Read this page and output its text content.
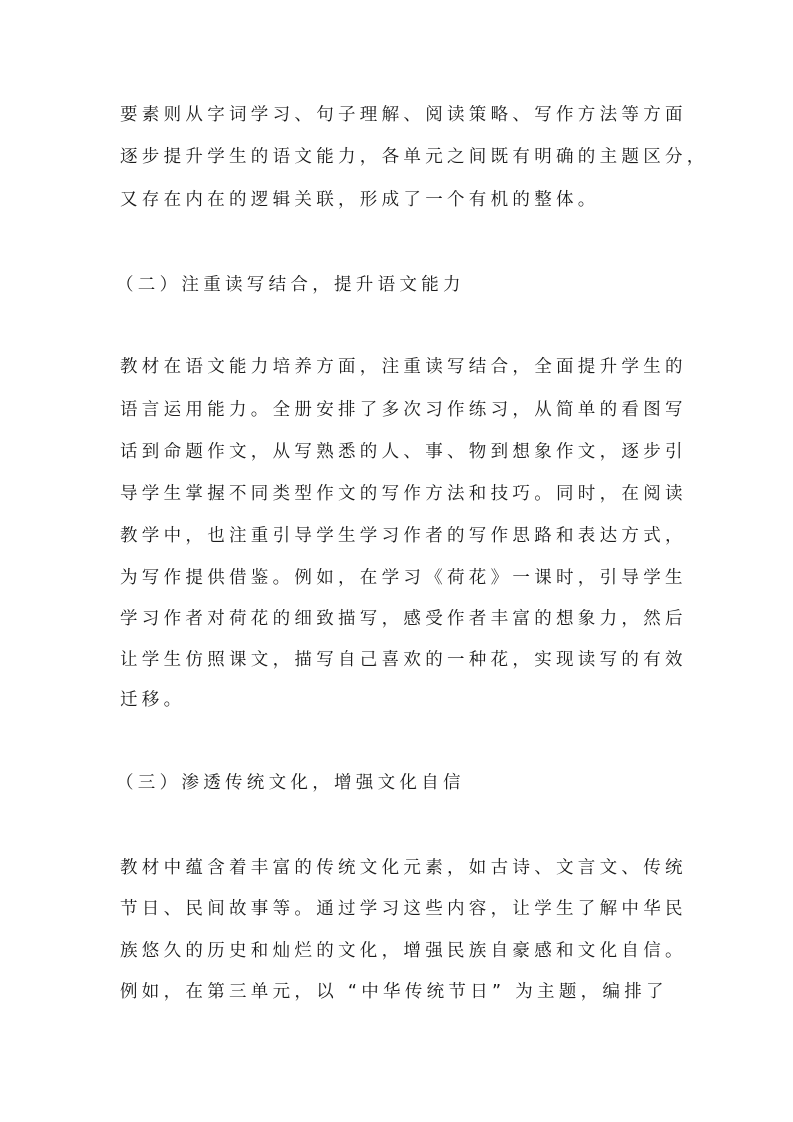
要素则从字词学习、句子理解、阅读策略、写作方法等方面
逐步提升学生的语文能力，各单元之间既有明确的主题区分，
又存在内在的逻辑关联，形成了一个有机的整体。
（二）注重读写结合，提升语文能力
教材在语文能力培养方面，注重读写结合，全面提升学生的
语言运用能力。全册安排了多次习作练习，从简单的看图写
话到命题作文，从写熟悉的人、事、物到想象作文，逐步引
导学生掌握不同类型作文的写作方法和技巧。同时，在阅读
教学中，也注重引导学生学习作者的写作思路和表达方式，
为写作提供借鉴。例如，在学习《荷花》一课时，引导学生
学习作者对荷花的细致描写，感受作者丰富的想象力，然后
让学生仿照课文，描写自己喜欢的一种花，实现读写的有效
迁移。
（三）渗透传统文化，增强文化自信
教材中蕴含着丰富的传统文化元素，如古诗、文言文、传统
节日、民间故事等。通过学习这些内容，让学生了解中华民
族悠久的历史和灿烂的文化，增强民族自豪感和文化自信。
例如，在第三单元，以 “中华传统节日” 为主题，编排了
